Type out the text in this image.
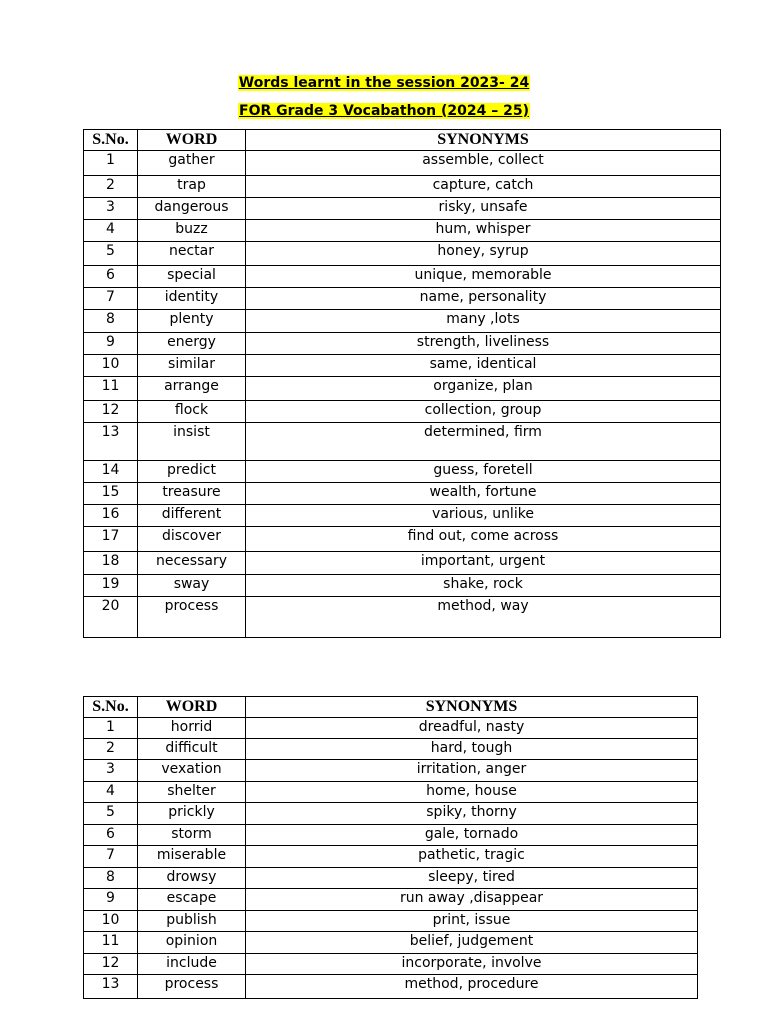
Words learnt in the session 2023- 24
FOR Grade 3 Vocabathon (2024 – 25)
S.No.	WORD	SYNONYMS
1	gather	assemble, collect
2	trap	capture, catch
3	dangerous	risky, unsafe
4	buzz	hum, whisper
5	nectar	honey, syrup
6	special	unique, memorable
7	identity	name, personality
8	plenty	many ,lots
9	energy	strength, liveliness
10	similar	same, identical
11	arrange	organize, plan
12	flock	collection, group
13	insist	determined, firm
14	predict	guess, foretell
15	treasure	wealth, fortune
16	different	various, unlike
17	discover	find out, come across
18	necessary	important, urgent
19	sway	shake, rock
20	process	method, way
S.No.	WORD	SYNONYMS
1	horrid	dreadful, nasty
2	difficult	hard, tough
3	vexation	irritation, anger
4	shelter	home, house
5	prickly	spiky, thorny
6	storm	gale, tornado
7	miserable	pathetic, tragic
8	drowsy	sleepy, tired
9	escape	run away ,disappear
10	publish	print, issue
11	opinion	belief, judgement
12	include	incorporate, involve
13	process	method, procedure
